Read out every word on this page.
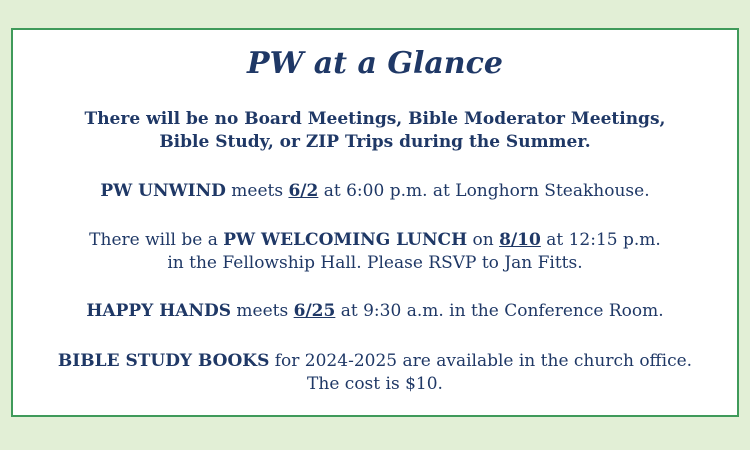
PW at a Glance
There will be no Board Meetings, Bible Moderator Meetings,
Bible Study, or ZIP Trips during the Summer.
PW UNWIND meets 6/2 at 6:00 p.m. at Longhorn Steakhouse.
There will be a PW WELCOMING LUNCH on 8/10 at 12:15 p.m.
in the Fellowship Hall. Please RSVP to Jan Fitts.
HAPPY HANDS meets 6/25 at 9:30 a.m. in the Conference Room.
BIBLE STUDY BOOKS for 2024-2025 are available in the church office.
The cost is $10.
